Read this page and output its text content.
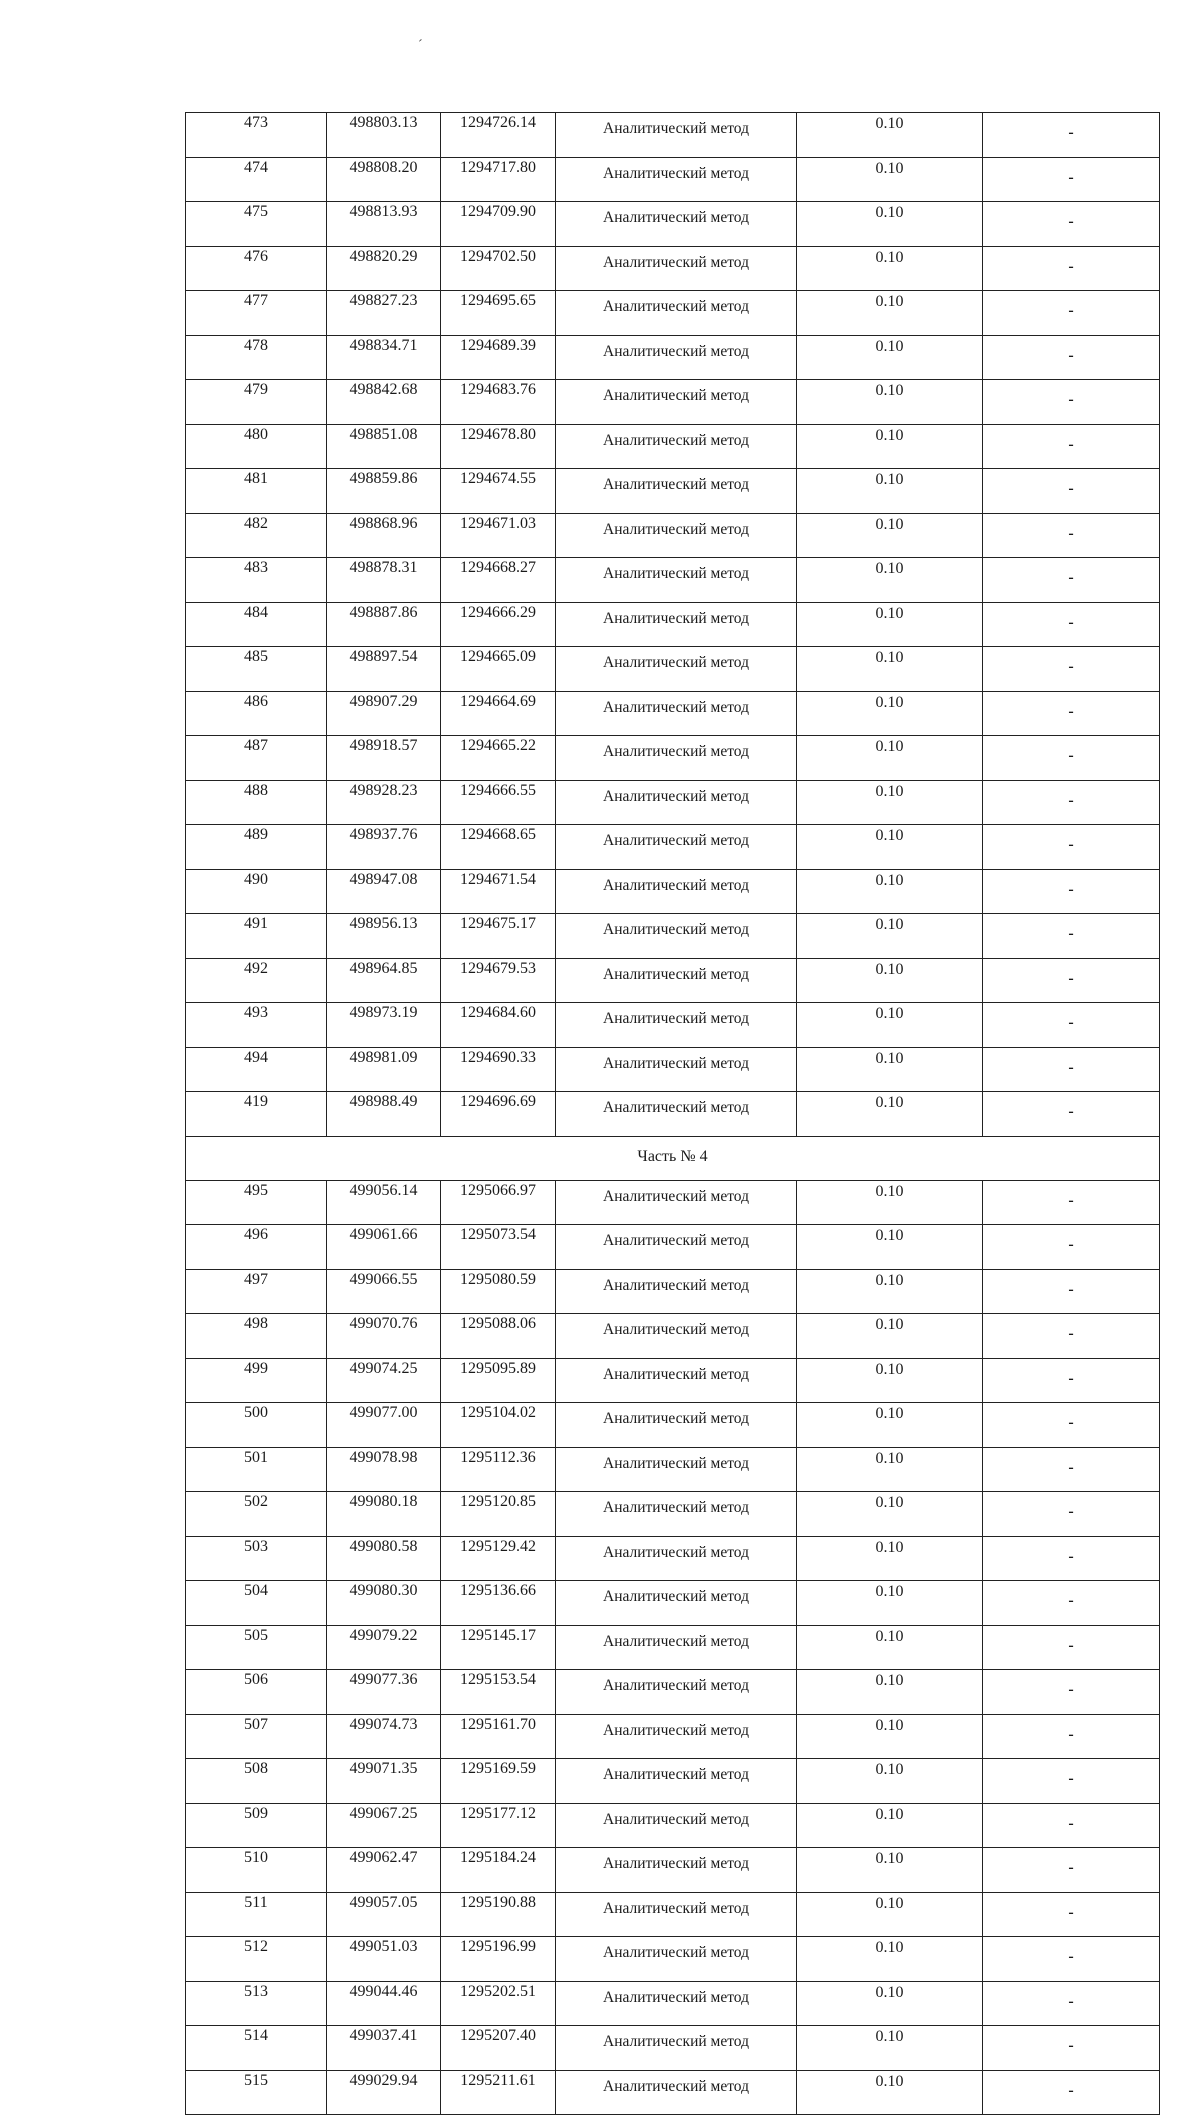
´
473	498803.13	1294726.14	Аналитический метод	0.10	-
474	498808.20	1294717.80	Аналитический метод	0.10	-
475	498813.93	1294709.90	Аналитический метод	0.10	-
476	498820.29	1294702.50	Аналитический метод	0.10	-
477	498827.23	1294695.65	Аналитический метод	0.10	-
478	498834.71	1294689.39	Аналитический метод	0.10	-
479	498842.68	1294683.76	Аналитический метод	0.10	-
480	498851.08	1294678.80	Аналитический метод	0.10	-
481	498859.86	1294674.55	Аналитический метод	0.10	-
482	498868.96	1294671.03	Аналитический метод	0.10	-
483	498878.31	1294668.27	Аналитический метод	0.10	-
484	498887.86	1294666.29	Аналитический метод	0.10	-
485	498897.54	1294665.09	Аналитический метод	0.10	-
486	498907.29	1294664.69	Аналитический метод	0.10	-
487	498918.57	1294665.22	Аналитический метод	0.10	-
488	498928.23	1294666.55	Аналитический метод	0.10	-
489	498937.76	1294668.65	Аналитический метод	0.10	-
490	498947.08	1294671.54	Аналитический метод	0.10	-
491	498956.13	1294675.17	Аналитический метод	0.10	-
492	498964.85	1294679.53	Аналитический метод	0.10	-
493	498973.19	1294684.60	Аналитический метод	0.10	-
494	498981.09	1294690.33	Аналитический метод	0.10	-
419	498988.49	1294696.69	Аналитический метод	0.10	-
Часть № 4					
495	499056.14	1295066.97	Аналитический метод	0.10	-
496	499061.66	1295073.54	Аналитический метод	0.10	-
497	499066.55	1295080.59	Аналитический метод	0.10	-
498	499070.76	1295088.06	Аналитический метод	0.10	-
499	499074.25	1295095.89	Аналитический метод	0.10	-
500	499077.00	1295104.02	Аналитический метод	0.10	-
501	499078.98	1295112.36	Аналитический метод	0.10	-
502	499080.18	1295120.85	Аналитический метод	0.10	-
503	499080.58	1295129.42	Аналитический метод	0.10	-
504	499080.30	1295136.66	Аналитический метод	0.10	-
505	499079.22	1295145.17	Аналитический метод	0.10	-
506	499077.36	1295153.54	Аналитический метод	0.10	-
507	499074.73	1295161.70	Аналитический метод	0.10	-
508	499071.35	1295169.59	Аналитический метод	0.10	-
509	499067.25	1295177.12	Аналитический метод	0.10	-
510	499062.47	1295184.24	Аналитический метод	0.10	-
511	499057.05	1295190.88	Аналитический метод	0.10	-
512	499051.03	1295196.99	Аналитический метод	0.10	-
513	499044.46	1295202.51	Аналитический метод	0.10	-
514	499037.41	1295207.40	Аналитический метод	0.10	-
515	499029.94	1295211.61	Аналитический метод	0.10	-
